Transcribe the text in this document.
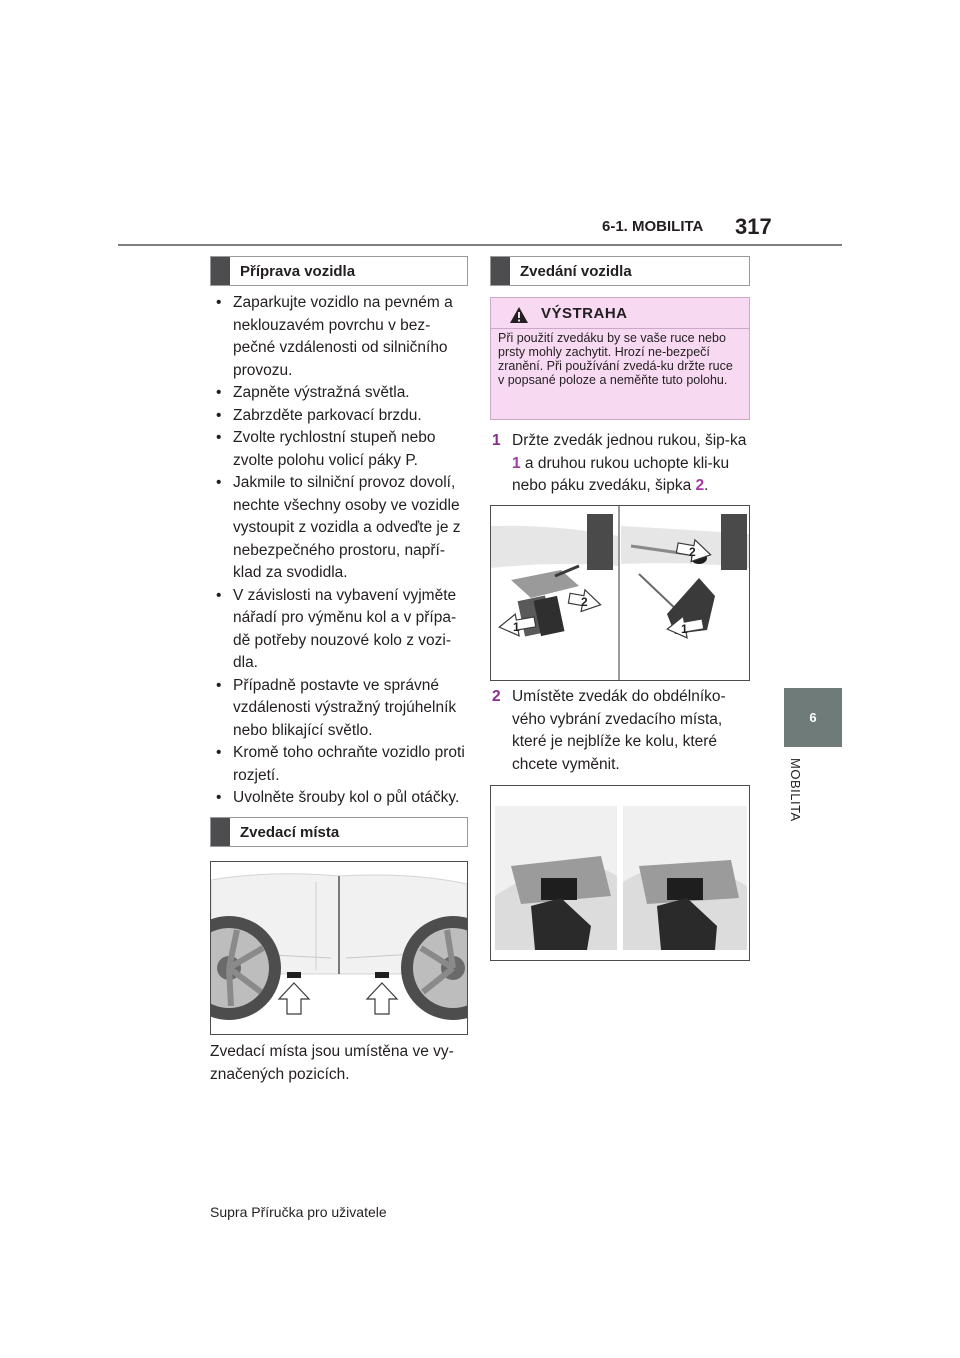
6-1. MOBILITA 317
6
MOBILITA
Příprava vozidla
• Zaparkujte vozidlo na pevném a neklouzavém povrchu v bez-pečné vzdálenosti od silničního provozu.
• Zapněte výstražná světla.
• Zabrzděte parkovací brzdu.
• Zvolte rychlostní stupeň nebo zvolte polohu volicí páky P.
• Jakmile to silniční provoz dovolí, nechte všechny osoby ve vozidle vystoupit z vozidla a odveďte je z nebezpečného prostoru, napří-klad za svodidla.
• V závislosti na vybavení vyjměte nářadí pro výměnu kol a v přípa-dě potřeby nouzové kolo z vozi-dla.
• Případně postavte ve správné vzdálenosti výstražný trojúhelník nebo blikající světlo.
• Kromě toho ochraňte vozidlo proti rozjetí.
• Uvolněte šrouby kol o půl otáčky.
Zvedací místa
Zvedací místa jsou umístěna ve vy-značených pozicích.
Zvedání vozidla
VÝSTRAHA
Při použití zvedáku by se vaše ruce nebo prsty mohly zachytit. Hrozí ne-bezpečí zranění. Při používání zvedá-ku držte ruce v popsané poloze a neměňte tuto polohu.
1 Držte zvedák jednou rukou, šip-ka 1 a druhou rukou uchopte kli-ku nebo páku zvedáku, šipka 2.
1
2
2
1
2 Umístěte zvedák do obdélníko-vého vybrání zvedacího místa, které je nejblíže ke kolu, které chcete vyměnit.
Supra Příručka pro uživatele
